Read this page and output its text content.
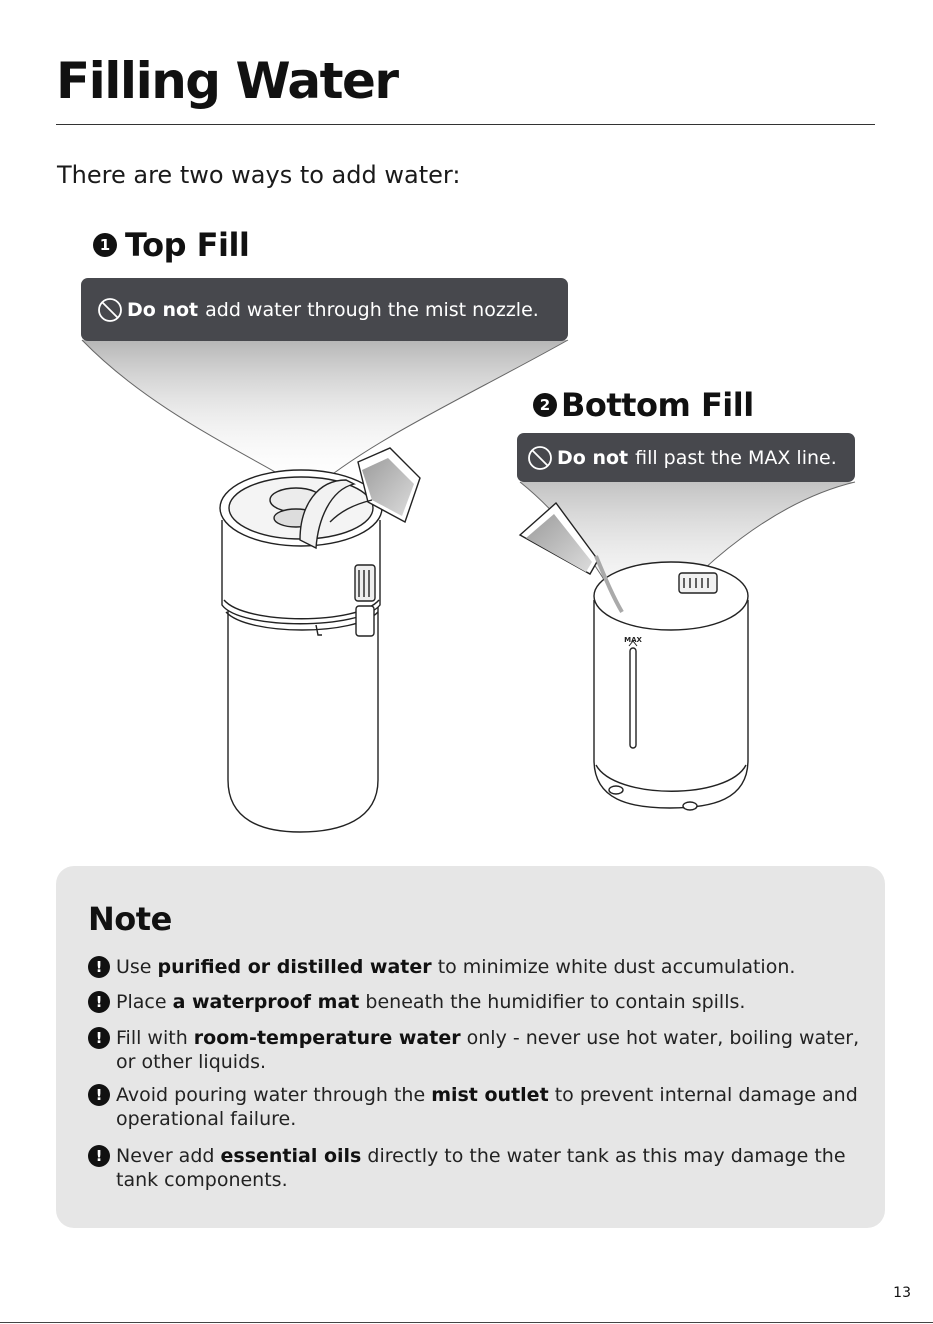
Filling Water
There are two ways to add water:
MAX
1 Top Fill
Do not add water through the mist nozzle.
2 Bottom Fill
Do not fill past the MAX line.
Note
! Use purified or distilled water to minimize white dust accumulation.
! Place a waterproof mat beneath the humidifier to contain spills.
! Fill with room-temperature water only - never use hot water, boiling water, or other liquids.
! Avoid pouring water through the mist outlet to prevent internal damage and operational failure.
! Never add essential oils directly to the water tank as this may damage the tank components.
13
